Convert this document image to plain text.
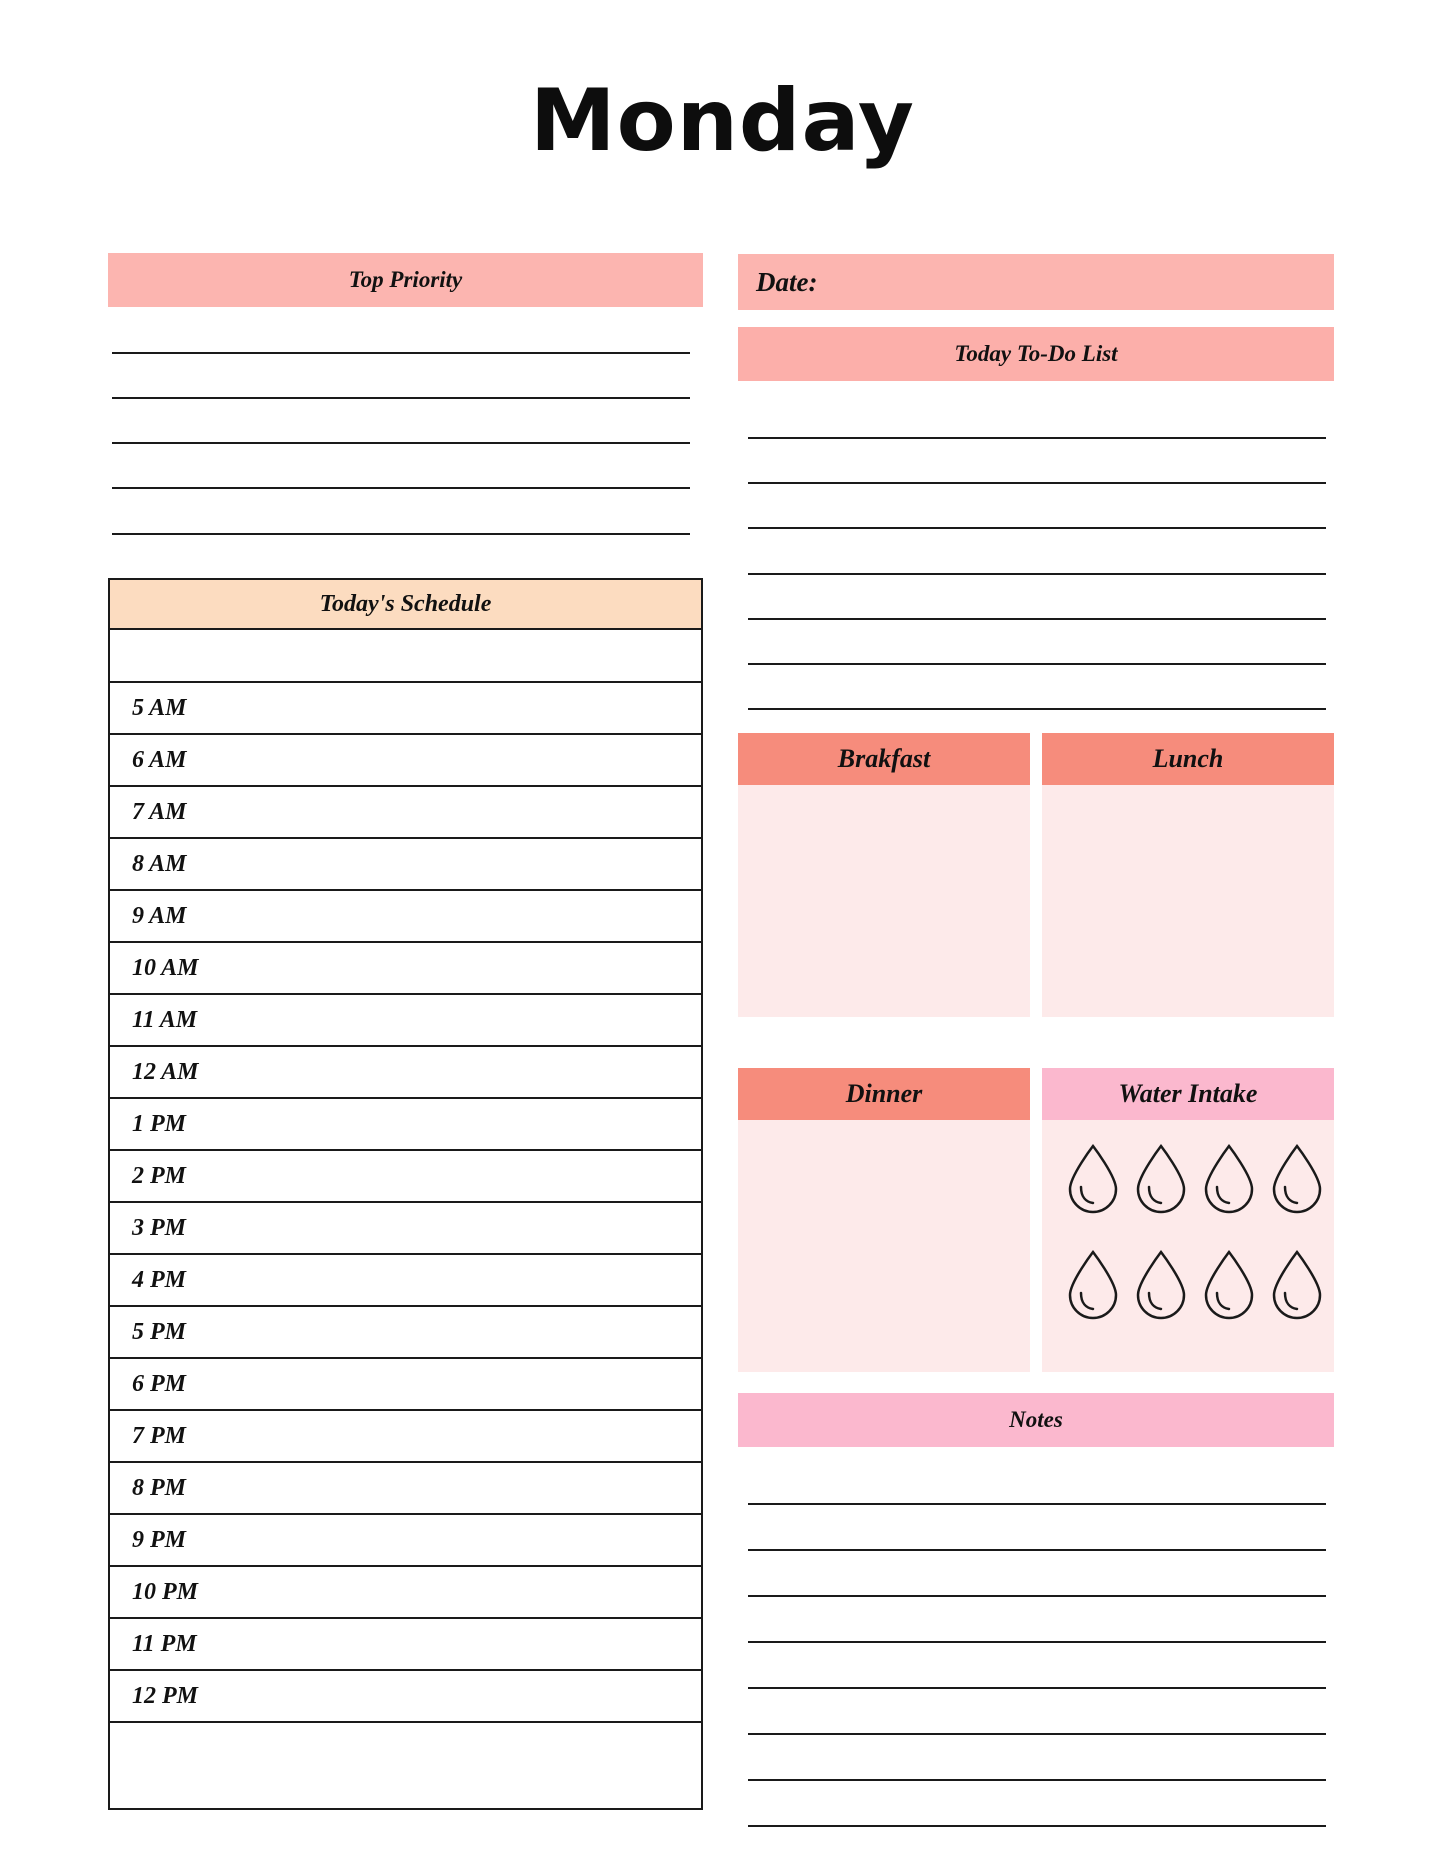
Monday
Top Priority
Today's Schedule
5 AM
6 AM
7 AM
8 AM
9 AM
10 AM
11 AM
12 AM
1 PM
2 PM
3 PM
4 PM
5 PM
6 PM
7 PM
8 PM
9 PM
10 PM
11 PM
12 PM
Date:
Today To-Do List
Brakfast	Lunch
Dinner	Water Intake
Notes
